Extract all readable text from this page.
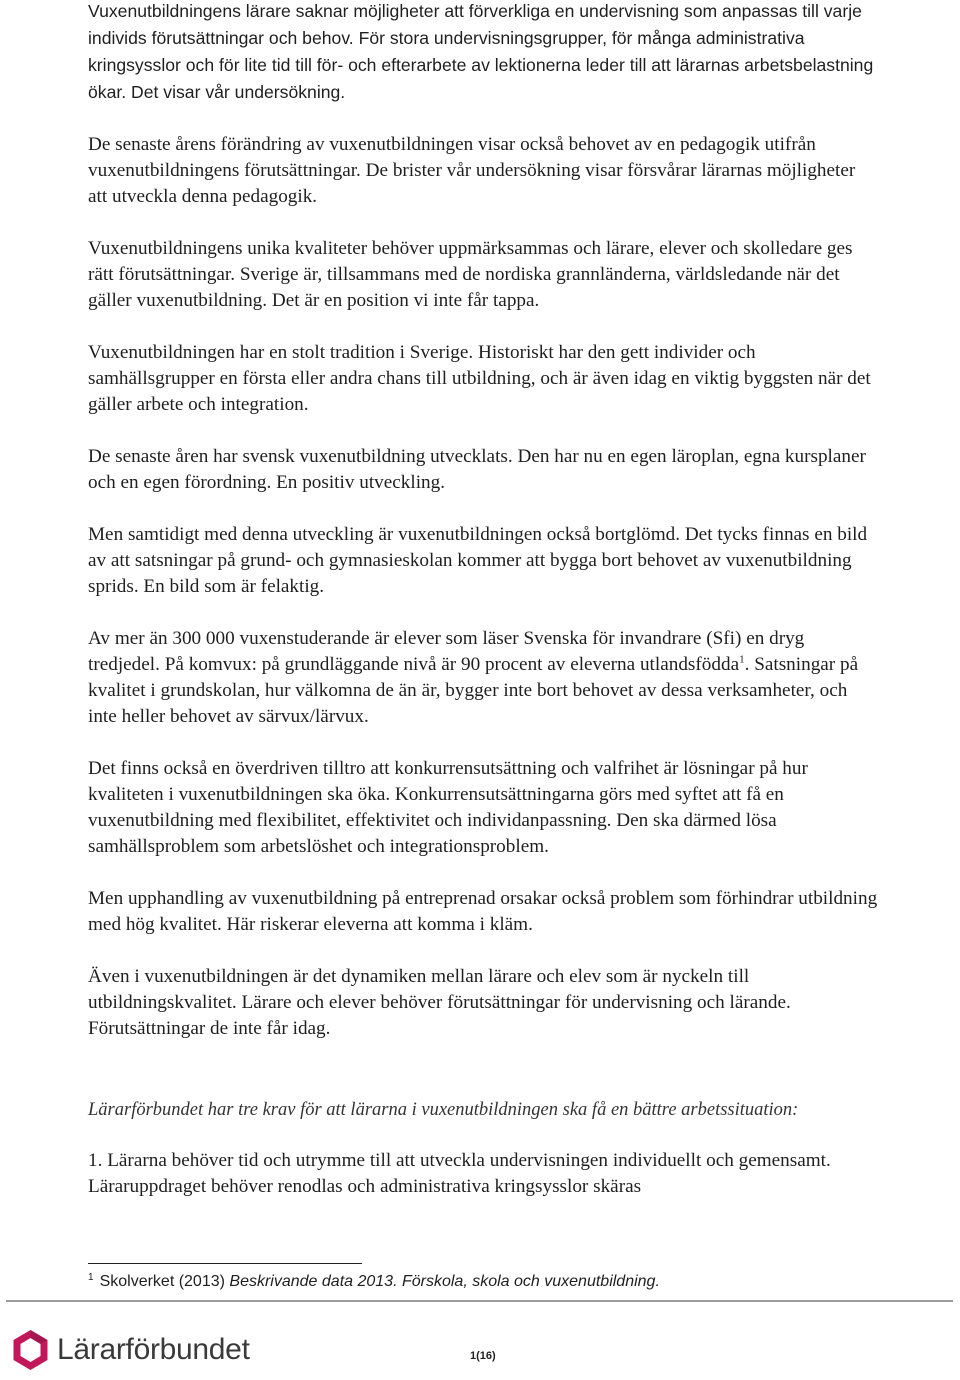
Vuxenutbildningens lärare saknar möjligheter att förverkliga en undervisning som anpassas till varje individs förutsättningar och behov. För stora undervisningsgrupper, för många administrativa kringsysslor och för lite tid till för- och efterarbete av lektionerna leder till att lärarnas arbetsbelastning ökar. Det visar vår undersökning.

De senaste årens förändring av vuxenutbildningen visar också behovet av en pedagogik utifrån vuxenutbildningens förutsättningar. De brister vår undersökning visar försvårar lärarnas möjligheter att utveckla denna pedagogik.

Vuxenutbildningens unika kvaliteter behöver uppmärksammas och lärare, elever och skolledare ges rätt förutsättningar. Sverige är, tillsammans med de nordiska grannländerna, världsledande när det gäller vuxenutbildning. Det är en position vi inte får tappa.

Vuxenutbildningen har en stolt tradition i Sverige. Historiskt har den gett individer och samhällsgrupper en första eller andra chans till utbildning, och är även idag en viktig byggsten när det gäller arbete och integration.

De senaste åren har svensk vuxenutbildning utvecklats. Den har nu en egen läroplan, egna kursplaner och en egen förordning. En positiv utveckling.

Men samtidigt med denna utveckling är vuxenutbildningen också bortglömd. Det tycks finnas en bild av att satsningar på grund- och gymnasieskolan kommer att bygga bort behovet av vuxenutbildning sprids. En bild som är felaktig.

Av mer än 300 000 vuxenstuderande är elever som läser Svenska för invandrare (Sfi) en dryg tredjedel. På komvux: på grundläggande nivå är 90 procent av eleverna utlandsfödda$^1$. Satsningar på kvalitet i grundskolan, hur välkomna de än är, bygger inte bort behovet av dessa verksamheter, och inte heller behovet av särvux/lärvux.

Det finns också en överdriven tilltro att konkurrensutsättning och valfrihet är lösningar på hur kvaliteten i vuxenutbildningen ska öka. Konkurrensutsättningarna görs med syftet att få en vuxenutbildning med flexibilitet, effektivitet och individanpassning. Den ska därmed lösa samhällsproblem som arbetslöshet och integrationsproblem.

Men upphandling av vuxenutbildning på entreprenad orsakar också problem som förhindrar utbildning med hög kvalitet. Här riskerar eleverna att komma i kläm.

Även i vuxenutbildningen är det dynamiken mellan lärare och elev som är nyckeln till utbildningskvalitet. Lärare och elever behöver förutsättningar för undervisning och lärande. Förutsättningar de inte får idag.

Lärarförbundet har tre krav för att lärarna i vuxenutbildningen ska få en bättre arbetssituation:

1. Lärarna behöver tid och utrymme till att utveckla undervisningen individuellt och gemensamt. Läraruppdraget behöver renodlas och administrativa kringsysslor skäras

$^1$ Skolverket (2013) Beskrivande data 2013. Förskola, skola och vuxenutbildning.
Lärarförbundet	1(16)
